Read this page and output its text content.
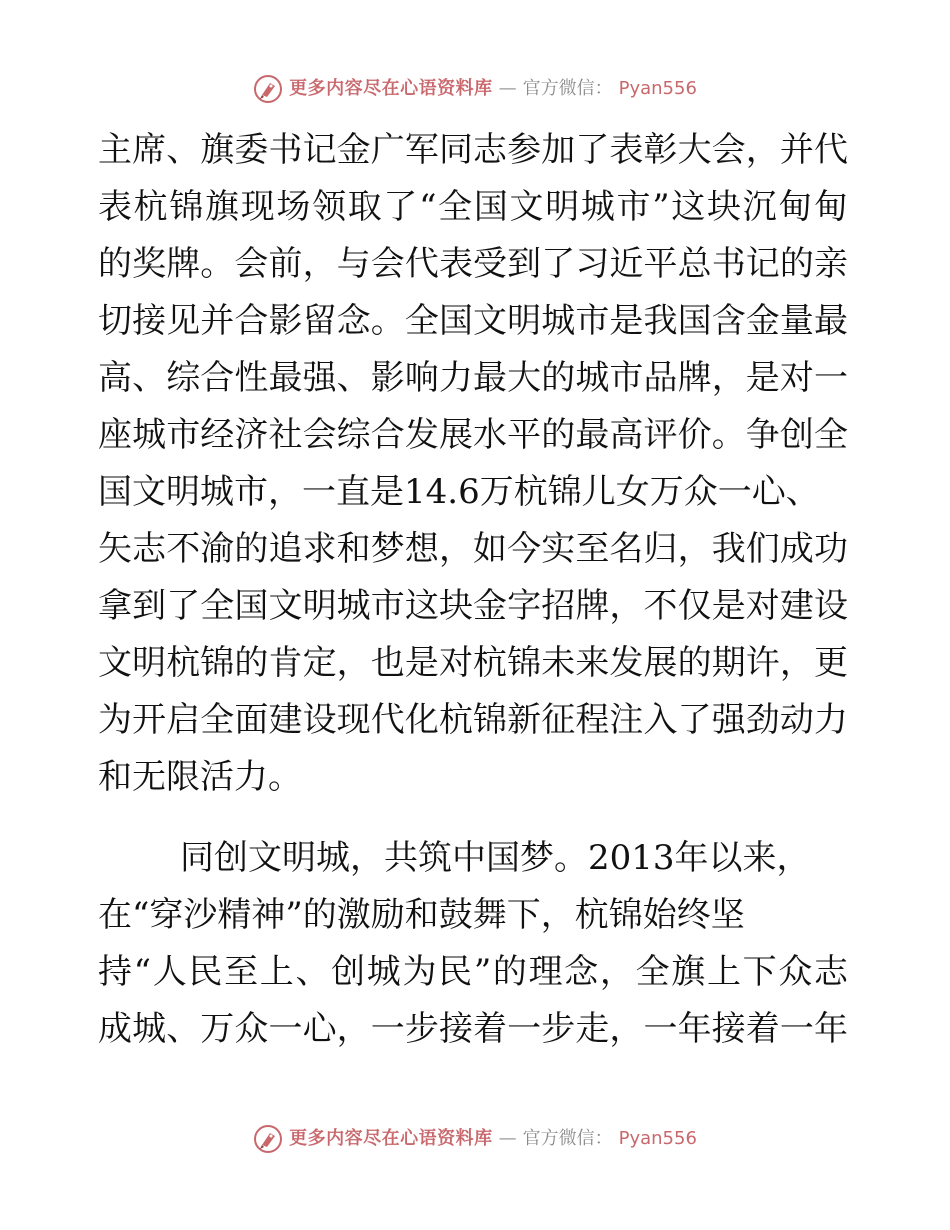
更多内容尽在心语资料库 — 官方微信： Pyan556
主席、旗委书记金广军同志参加了表彰大会，并代
表杭锦旗现场领取了“全国文明城市”这块沉甸甸
的奖牌。会前，与会代表受到了习近平总书记的亲
切接见并合影留念。全国文明城市是我国含金量最
高、综合性最强、影响力最大的城市品牌，是对一
座城市经济社会综合发展水平的最高评价。争创全
国文明城市，一直是14.6万杭锦儿女万众一心、
矢志不渝的追求和梦想，如今实至名归，我们成功
拿到了全国文明城市这块金字招牌，不仅是对建设
文明杭锦的肯定，也是对杭锦未来发展的期许，更
为开启全面建设现代化杭锦新征程注入了强劲动力
和无限活力。
同创文明城，共筑中国梦。2013年以来，
在“穿沙精神”的激励和鼓舞下，杭锦始终坚
持“人民至上、创城为民”的理念，全旗上下众志
成城、万众一心，一步接着一步走，一年接着一年
更多内容尽在心语资料库 — 官方微信： Pyan556
